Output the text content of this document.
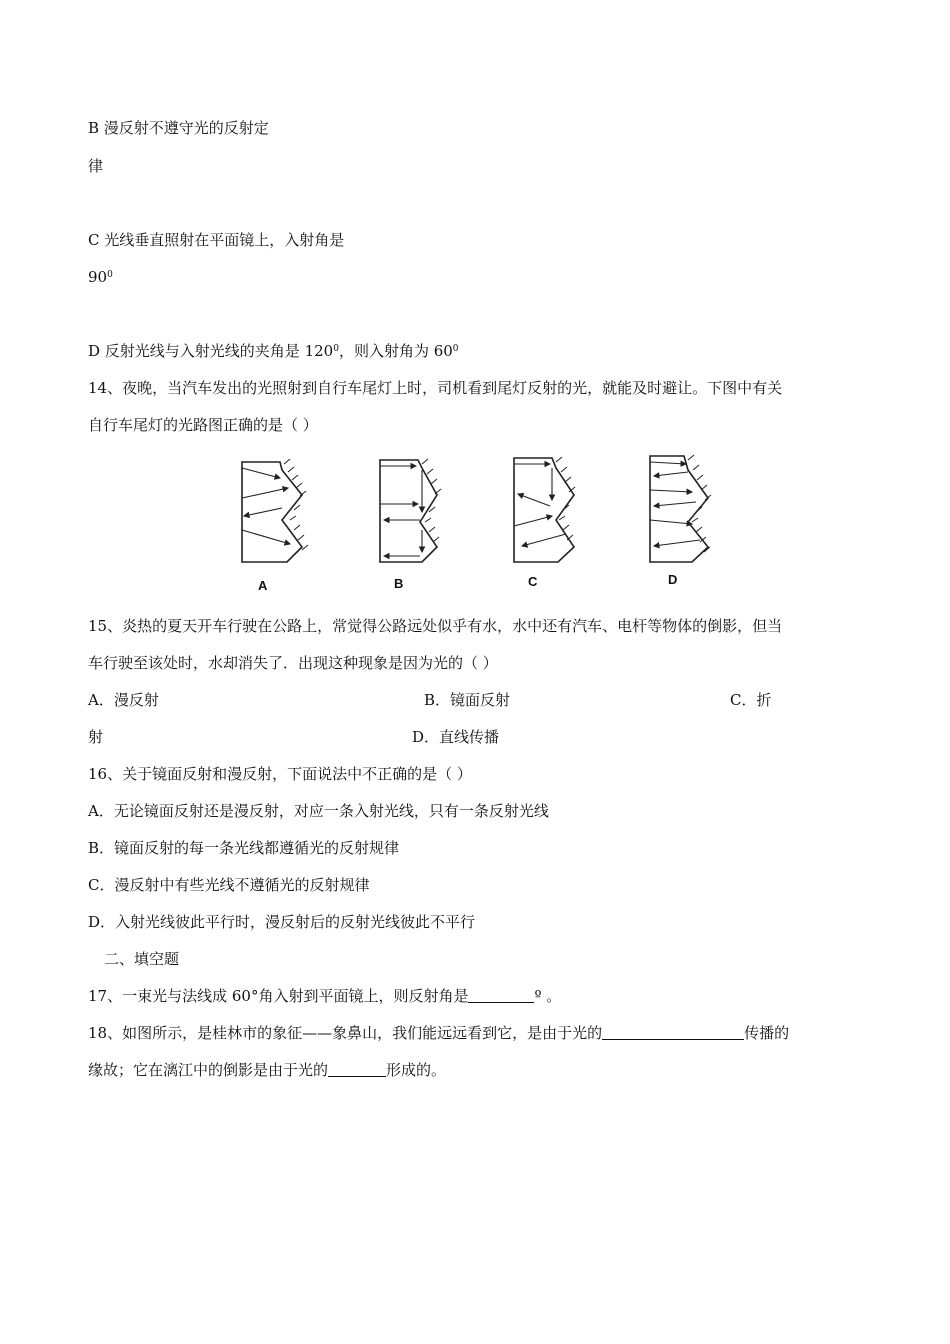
B 漫反射不遵守光的反射定
律
C 光线垂直照射在平面镜上，入射角是
$90^0$
D 反射光线与入射光线的夹角是 $120^0$，则入射角为 $60^0$
14、夜晚，当汽车发出的光照射到自行车尾灯上时，司机看到尾灯反射的光，就能及时避让。下图中有关
自行车尾灯的光路图正确的是（ ）
A	B	C	D
15、炎热的夏天开车行驶在公路上，常觉得公路远处似乎有水，水中还有汽车、电杆等物体的倒影，但当
车行驶至该处时，水却消失了．出现这种现象是因为光的（ ）
A．漫反射	B．镜面反射	C．折
射	D．直线传播
16、关于镜面反射和漫反射，下面说法中不正确的是（ ）
A．无论镜面反射还是漫反射，对应一条入射光线，只有一条反射光线
B．镜面反射的每一条光线都遵循光的反射规律
C．漫反射中有些光线不遵循光的反射规律
D．入射光线彼此平行时，漫反射后的反射光线彼此不平行
二、填空题
17、一束光与法线成 60°角入射到平面镜上，则反射角是	º 。
18、如图所示，是桂林市的象征——象鼻山，我们能远远看到它，是由于光的	传播的
缘故；它在漓江中的倒影是由于光的	形成的。
